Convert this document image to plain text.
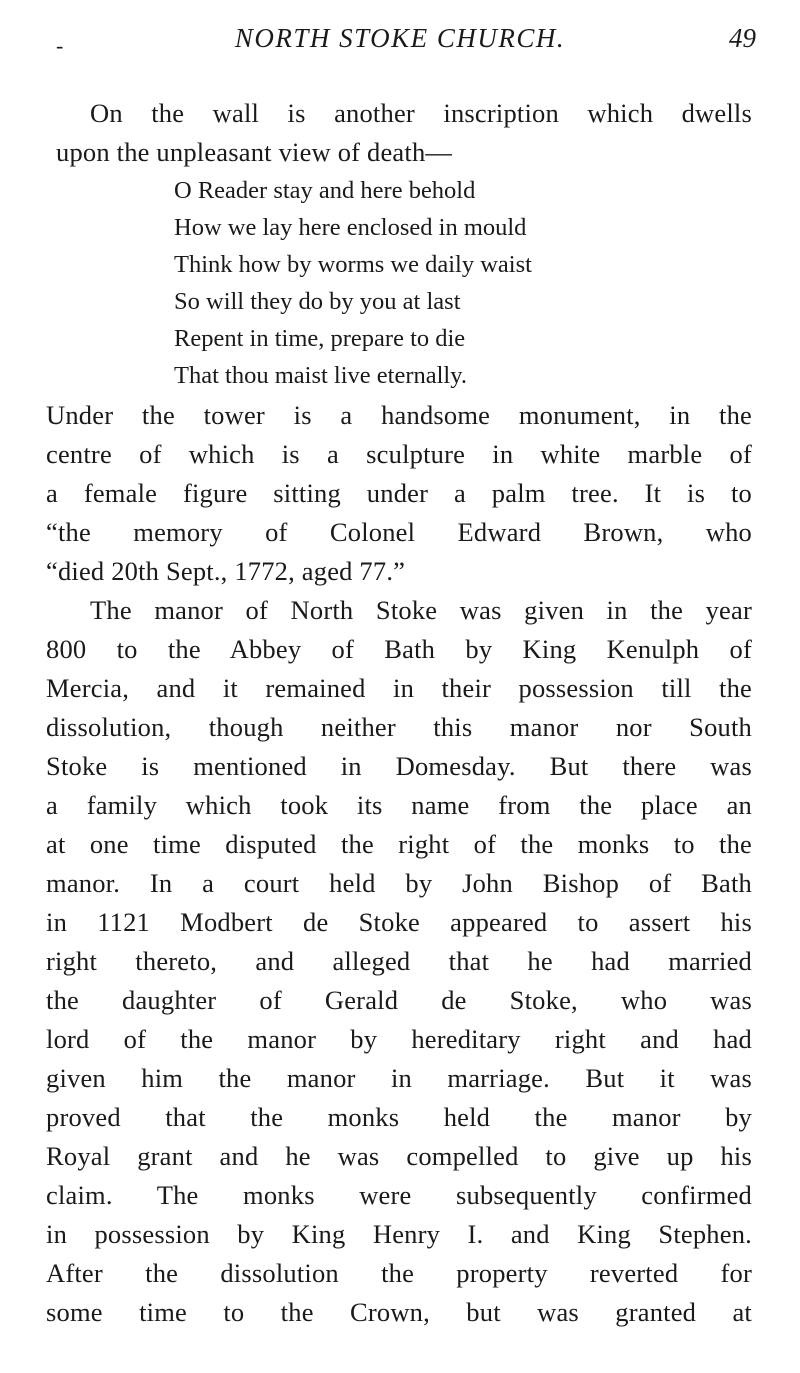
-	NORTH STOKE CHURCH.	49
On the wall is another inscription which dwells
upon the unpleasant view of death—
O Reader stay and here behold
How we lay here enclosed in mould
Think how by worms we daily waist
So will they do by you at last
Repent in time, prepare to die
That thou maist live eternally.
Under the tower is a handsome monument, in the
centre of which is a sculpture in white marble of
a female figure sitting under a palm tree. It is to
“the memory of Colonel Edward Brown, who
“died 20th Sept., 1772, aged 77.”
The manor of North Stoke was given in the year
800 to the Abbey of Bath by King Kenulph of
Mercia, and it remained in their possession till the
dissolution, though neither this manor nor South
Stoke is mentioned in Domesday. But there was
a family which took its name from the place an
at one time disputed the right of the monks to the
manor. In a court held by John Bishop of Bath
in 1121 Modbert de Stoke appeared to assert his
right thereto, and alleged that he had married
the daughter of Gerald de Stoke, who was
lord of the manor by hereditary right and had
given him the manor in marriage. But it was
proved that the monks held the manor by
Royal grant and he was compelled to give up his
claim. The monks were subsequently confirmed
in possession by King Henry I. and King Stephen.
After the dissolution the property reverted for
some time to the Crown, but was granted at
